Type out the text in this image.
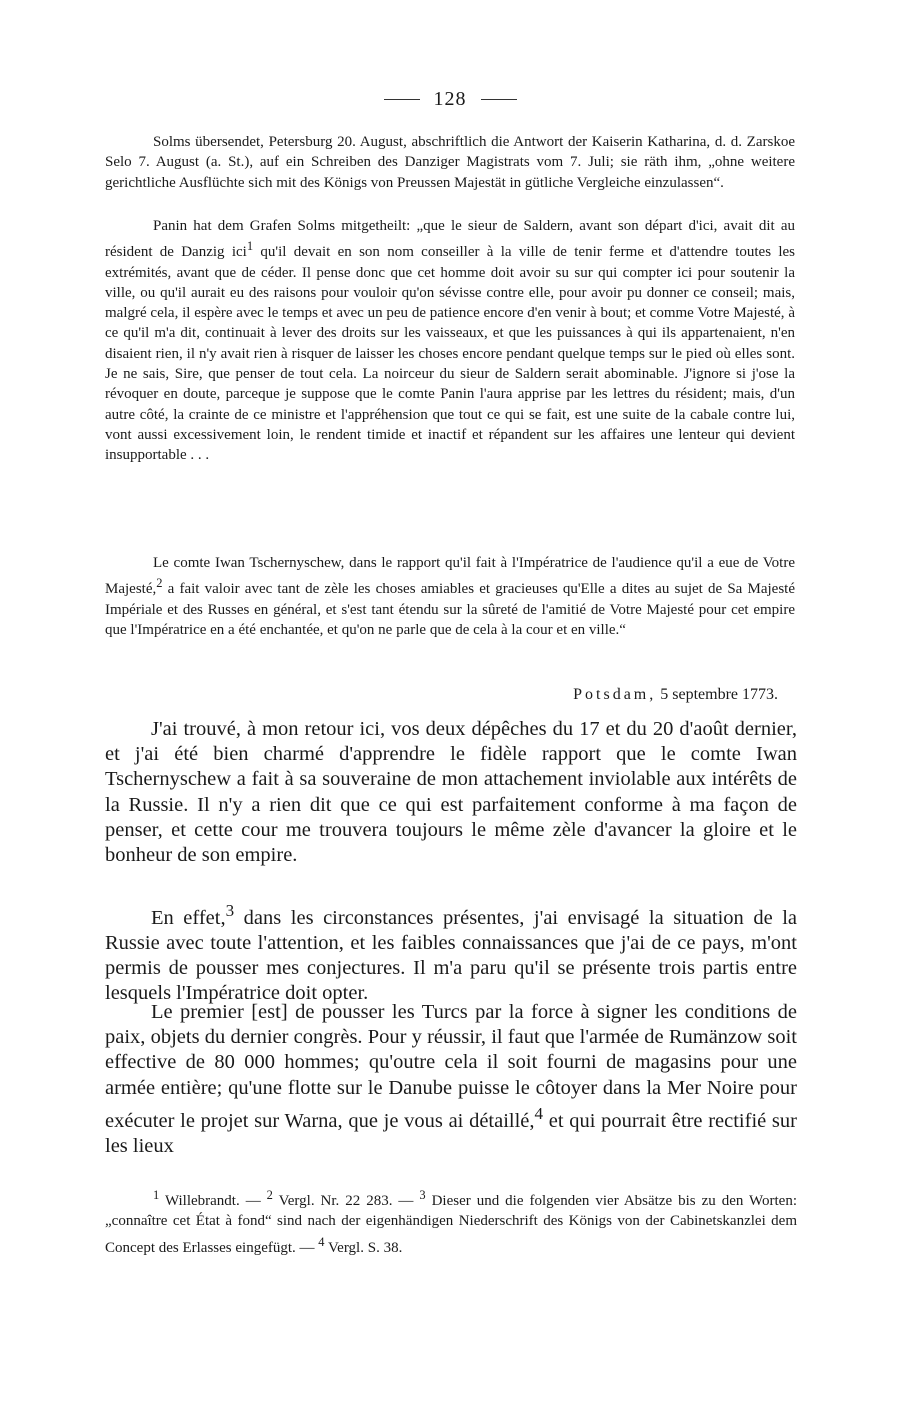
128

Solms übersendet, Petersburg 20. August, abschriftlich die Antwort der Kaiserin Katharina, d. d. Zarskoe Selo 7. August (a. St.), auf ein Schreiben des Danziger Magistrats vom 7. Juli; sie räth ihm, „ohne weitere gerichtliche Ausflüchte sich mit des Königs von Preussen Majestät in gütliche Vergleiche einzulassen“.

Panin hat dem Grafen Solms mitgetheilt: „que le sieur de Saldern, avant son départ d'ici, avait dit au résident de Danzig ici$^1$ qu'il devait en son nom conseiller à la ville de tenir ferme et d'attendre toutes les extrémités, avant que de céder. Il pense donc que cet homme doit avoir su sur qui compter ici pour soutenir la ville, ou qu'il aurait eu des raisons pour vouloir qu'on sévisse contre elle, pour avoir pu donner ce conseil; mais, malgré cela, il espère avec le temps et avec un peu de patience encore d'en venir à bout; et comme Votre Majesté, à ce qu'il m'a dit, continuait à lever des droits sur les vaisseaux, et que les puissances à qui ils appartenaient, n'en disaient rien, il n'y avait rien à risquer de laisser les choses encore pendant quelque temps sur le pied où elles sont. Je ne sais, Sire, que penser de tout cela. La noirceur du sieur de Saldern serait abominable. J'ignore si j'ose la révoquer en doute, parceque je suppose que le comte Panin l'aura apprise par les lettres du résident; mais, d'un autre côté, la crainte de ce ministre et l'appréhension que tout ce qui se fait, est une suite de la cabale contre lui, vont aussi excessivement loin, le rendent timide et inactif et répandent sur les affaires une lenteur qui devient insupportable . . .

Le comte Iwan Tschernyschew, dans le rapport qu'il fait à l'Impératrice de l'audience qu'il a eue de Votre Majesté,$^2$ a fait valoir avec tant de zèle les choses amiables et gracieuses qu'Elle a dites au sujet de Sa Majesté Impériale et des Russes en général, et s'est tant étendu sur la sûreté de l'amitié de Votre Majesté pour cet empire que l'Impératrice en a été enchantée, et qu'on ne parle que de cela à la cour et en ville.“

Potsdam, 5 septembre 1773.

J'ai trouvé, à mon retour ici, vos deux dépêches du 17 et du 20 d'août dernier, et j'ai été bien charmé d'apprendre le fidèle rapport que le comte Iwan Tschernyschew a fait à sa souveraine de mon attachement inviolable aux intérêts de la Russie. Il n'y a rien dit que ce qui est parfaitement conforme à ma façon de penser, et cette cour me trouvera toujours le même zèle d'avancer la gloire et le bonheur de son empire.

En effet,$^3$ dans les circonstances présentes, j'ai envisagé la situation de la Russie avec toute l'attention, et les faibles connaissances que j'ai de ce pays, m'ont permis de pousser mes conjectures. Il m'a paru qu'il se présente trois partis entre lesquels l'Impératrice doit opter.

Le premier [est] de pousser les Turcs par la force à signer les conditions de paix, objets du dernier congrès. Pour y réussir, il faut que l'armée de Rumänzow soit effective de 80 000 hommes; qu'outre cela il soit fourni de magasins pour une armée entière; qu'une flotte sur le Danube puisse le côtoyer dans la Mer Noire pour exécuter le projet sur Warna, que je vous ai détaillé,$^4$ et qui pourrait être rectifié sur les lieux

$^1$ Willebrandt. — $^2$ Vergl. Nr. 22 283. — $^3$ Dieser und die folgenden vier Absätze bis zu den Worten: „connaître cet État à fond“ sind nach der eigenhändigen Niederschrift des Königs von der Cabinetskanzlei dem Concept des Erlasses eingefügt. — $^4$ Vergl. S. 38.
